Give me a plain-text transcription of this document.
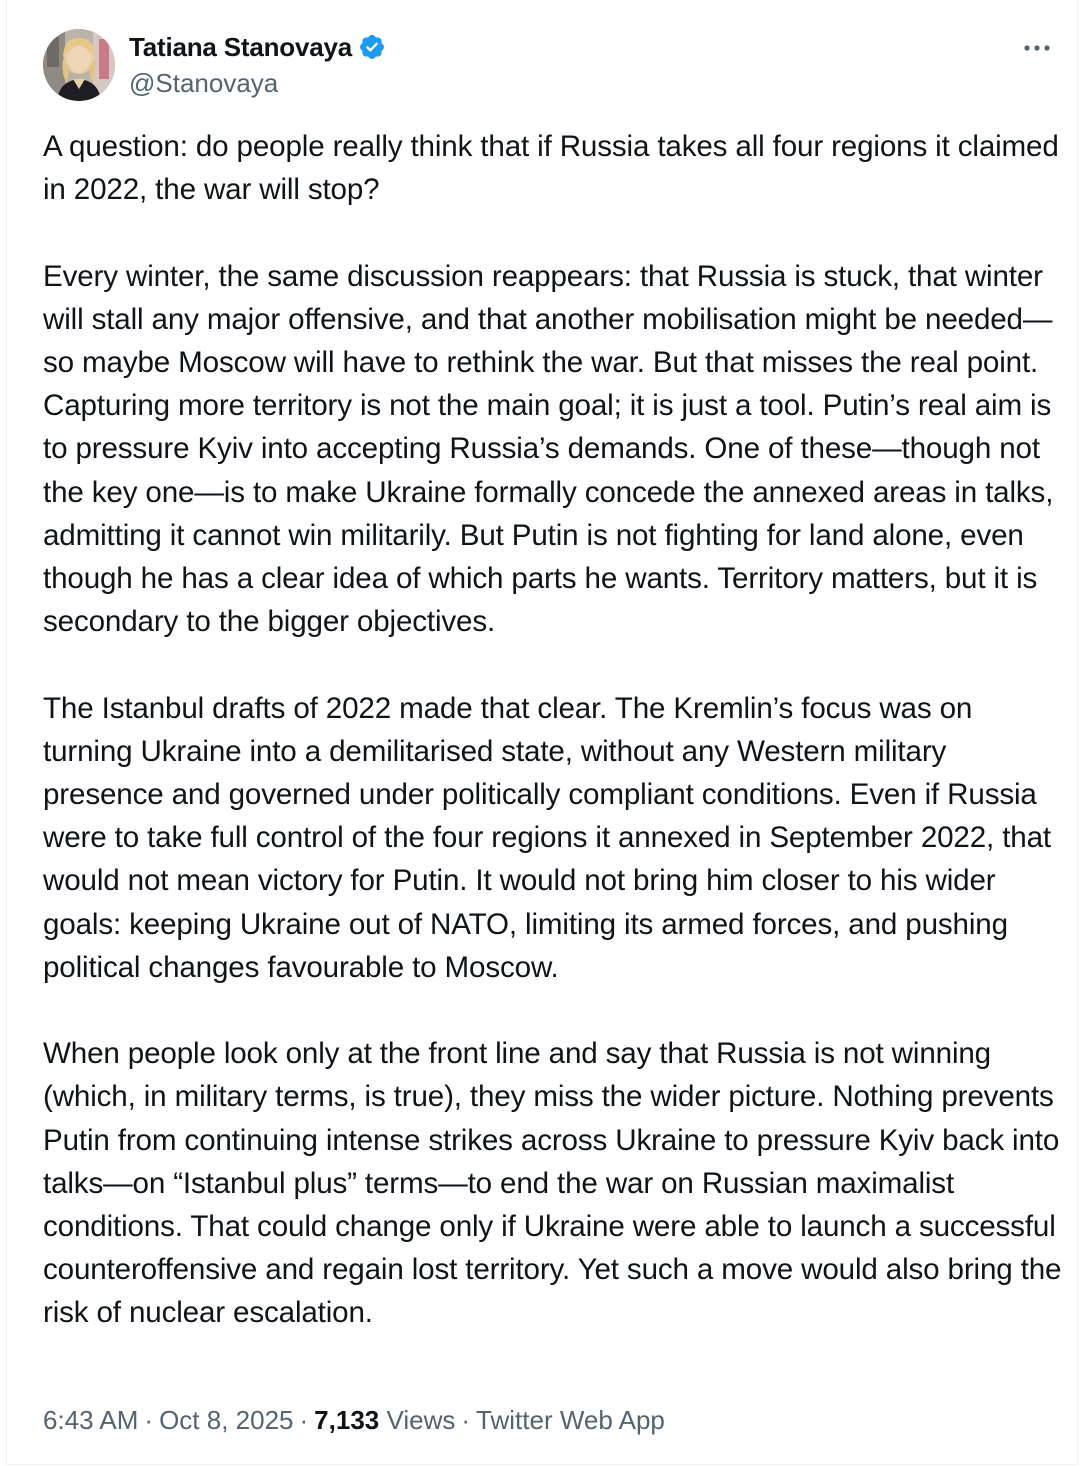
Tatiana Stanovaya
@Stanovaya

A question: do people really think that if Russia takes all four regions it claimed in 2022, the war will stop?

Every winter, the same discussion reappears: that Russia is stuck, that winter will stall any major offensive, and that another mobilisation might be needed—so maybe Moscow will have to rethink the war. But that misses the real point. Capturing more territory is not the main goal; it is just a tool. Putin’s real aim is to pressure Kyiv into accepting Russia’s demands. One of these—though not the key one—is to make Ukraine formally concede the annexed areas in talks, admitting it cannot win militarily. But Putin is not fighting for land alone, even though he has a clear idea of which parts he wants. Territory matters, but it is secondary to the bigger objectives.

The Istanbul drafts of 2022 made that clear. The Kremlin’s focus was on turning Ukraine into a demilitarised state, without any Western military presence and governed under politically compliant conditions. Even if Russia were to take full control of the four regions it annexed in September 2022, that would not mean victory for Putin. It would not bring him closer to his wider goals: keeping Ukraine out of NATO, limiting its armed forces, and pushing political changes favourable to Moscow.

When people look only at the front line and say that Russia is not winning (which, in military terms, is true), they miss the wider picture. Nothing prevents Putin from continuing intense strikes across Ukraine to pressure Kyiv back into talks—on “Istanbul plus” terms—to end the war on Russian maximalist conditions. That could change only if Ukraine were able to launch a successful counteroffensive and regain lost territory. Yet such a move would also bring the risk of nuclear escalation.

6:43 AM · Oct 8, 2025 · 7,133 Views · Twitter Web App
